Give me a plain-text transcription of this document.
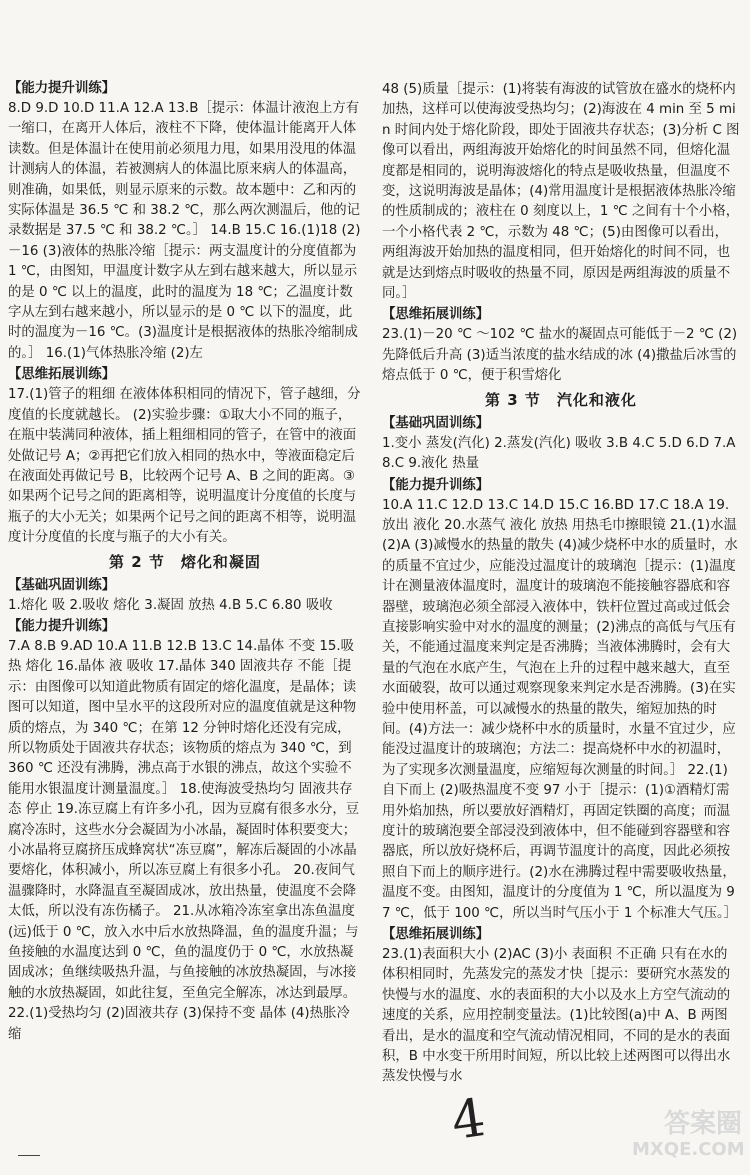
【能力提升训练】

8.D 9.D 10.D 11.A 12.A 13.B［提示：体温计液泡上方有一缩口，在离开人体后，液柱不下降，使体温计能离开人体读数。但是体温计在使用前必须甩力甩，如果用没甩的体温计测病人的体温，若被测病人的体温比原来病人的体温高，则准确，如果低，则显示原来的示数。故本题中：乙和丙的实际体温是 36.5 ℃ 和 38.2 ℃，那么两次测温后，他的记录数据是 37.5 ℃ 和 38.2 ℃。］ 14.B 15.C 16.(1)18 (2)－16 (3)液体的热胀冷缩［提示：两支温度计的分度值都为 1 ℃，由图知，甲温度计数字从左到右越来越大，所以显示的是 0 ℃ 以上的温度，此时的温度为 18 ℃；乙温度计数字从左到右越来越小，所以显示的是 0 ℃ 以下的温度，此时的温度为－16 ℃。(3)温度计是根据液体的热胀冷缩制成的。］ 16.(1)气体热胀冷缩 (2)左

【思维拓展训练】

17.(1)管子的粗细 在液体体积相同的情况下，管子越细，分度值的长度就越长。 (2)实验步骤：①取大小不同的瓶子，在瓶中装满同种液体，插上粗细相同的管子，在管中的液面处做记号 A；②再把它们放入相同的热水中，等液面稳定后在液面处再做记号 B，比较两个记号 A、B 之间的距离。③如果两个记号之间的距离相等，说明温度计分度值的长度与瓶子的大小无关；如果两个记号之间的距离不相等，说明温度计分度值的长度与瓶子的大小有关。

第 2 节　熔化和凝固
【基础巩固训练】

1.熔化 吸 2.吸收 熔化 3.凝固 放热 4.B 5.C 6.80 吸收

【能力提升训练】

7.A 8.B 9.AD 10.A 11.B 12.B 13.C 14.晶体 不变 15.吸热 熔化 16.晶体 液 吸收 17.晶体 340 固液共存 不能［提示：由图像可以知道此物质有固定的熔化温度，是晶体；读图可以知道，图中呈水平的这段所对应的温度值就是这种物质的熔点，为 340 ℃；在第 12 分钟时熔化还没有完成，所以物质处于固液共存状态；该物质的熔点为 340 ℃，到 360 ℃ 还没有沸腾，沸点高于水银的沸点，故这个实验不能用水银温度计测量温度。］ 18.使海波受热均匀 固液共存态 停止 19.冻豆腐上有许多小孔，因为豆腐有很多水分，豆腐冷冻时，这些水分会凝固为小冰晶，凝固时体积要变大；小冰晶将豆腐挤压成蜂窝状“冻豆腐”，解冻后凝固的小冰晶要熔化，体积减小，所以冻豆腐上有很多小孔。 20.夜间气温骤降时，水降温直至凝固成冰，放出热量，使温度不会降太低，所以没有冻伤橘子。 21.从冰箱冷冻室拿出冻鱼温度(远)低于 0 ℃，放入水中后水放热降温，鱼的温度升温；与鱼接触的水温度达到 0 ℃，鱼的温度仍于 0 ℃，水放热凝固成冰；鱼继续吸热升温，与鱼接触的冰放热凝固，与冰接触的水放热凝固，如此往复，至鱼完全解冻，冰达到最厚。 22.(1)受热均匀 (2)固液共存 (3)保持不变 晶体 (4)热胀冷缩

48 (5)质量［提示：(1)将装有海波的试管放在盛水的烧杯内加热，这样可以使海波受热均匀；(2)海波在 4 min 至 5 min 时间内处于熔化阶段，即处于固液共存状态；(3)分析 C 图像可以看出，两组海波开始熔化的时间虽然不同，但熔化温度都是相同的，说明海波熔化的特点是吸收热量，但温度不变，这说明海波是晶体；(4)常用温度计是根据液体热胀冷缩的性质制成的；液柱在 0 刻度以上，1 ℃ 之间有十个小格，一个小格代表 2 ℃，示数为 48 ℃；(5)由图像可以看出，两组海波开始加热的温度相同，但开始熔化的时间不同，也就是达到熔点时吸收的热量不同，原因是两组海波的质量不同。］

【思维拓展训练】

23.(1)－20 ℃ ～102 ℃ 盐水的凝固点可能低于－2 ℃ (2)先降低后升高 (3)适当浓度的盐水结成的冰 (4)撒盐后冰雪的熔点低于 0 ℃，便于积雪熔化

第 3 节　汽化和液化
【基础巩固训练】

1.变小 蒸发(汽化) 2.蒸发(汽化) 吸收 3.B 4.C 5.D 6.D 7.A 8.C 9.液化 热量

【能力提升训练】

10.A 11.C 12.D 13.C 14.D 15.C 16.BD 17.C 18.A 19.放出 液化 20.水蒸气 液化 放热 用热毛巾擦眼镜 21.(1)水温 (2)A (3)减慢水的热量的散失 (4)减少烧杯中水的质量时，水的质量不宜过少，应能没过温度计的玻璃泡［提示：(1)温度计在测量液体温度时，温度计的玻璃泡不能接触容器底和容器壁，玻璃泡必须全部浸入液体中，铁杆位置过高或过低会直接影响实验中对水的温度的测量；(2)沸点的高低与气压有关，不能通过温度来判定是否沸腾；当液体沸腾时，会有大量的气泡在水底产生，气泡在上升的过程中越来越大，直至水面破裂，故可以通过观察现象来判定水是否沸腾。(3)在实验中使用杯盖，可以减慢水的热量的散失，缩短加热的时间。(4)方法一：减少烧杯中水的质量时，水量不宜过少，应能没过温度计的玻璃泡；方法二：提高烧杯中水的初温时，为了实现多次测量温度，应缩短每次测量的时间。］ 22.(1)自下而上 (2)吸热温度不变 97 小于［提示：(1)①酒精灯需用外焰加热，所以要放好酒精灯，再固定铁圈的高度；而温度计的玻璃泡要全部浸没到液体中，但不能碰到容器壁和容器底，所以放好烧杯后，再调节温度计的高度，因此必须按照自下而上的顺序进行。(2)水在沸腾过程中需要吸收热量，温度不变。由图知，温度计的分度值为 1 ℃，所以温度为 97 ℃，低于 100 ℃，所以当时气压小于 1 个标准大气压。］

【思维拓展训练】

23.(1)表面积大小 (2)AC (3)小 表面积 不正确 只有在水的体积相同时，先蒸发完的蒸发才快［提示：要研究水蒸发的快慢与水的温度、水的表面积的大小以及水上方空气流动的速度的关系，应用控制变量法。(1)比较图(a)中 A、B 两图看出，是水的温度和空气流动情况相同，不同的是水的表面积，B 中水变干所用时间短，所以比较上述两图可以得出水蒸发快慢与水

4	答案圈
MXQE.COM
